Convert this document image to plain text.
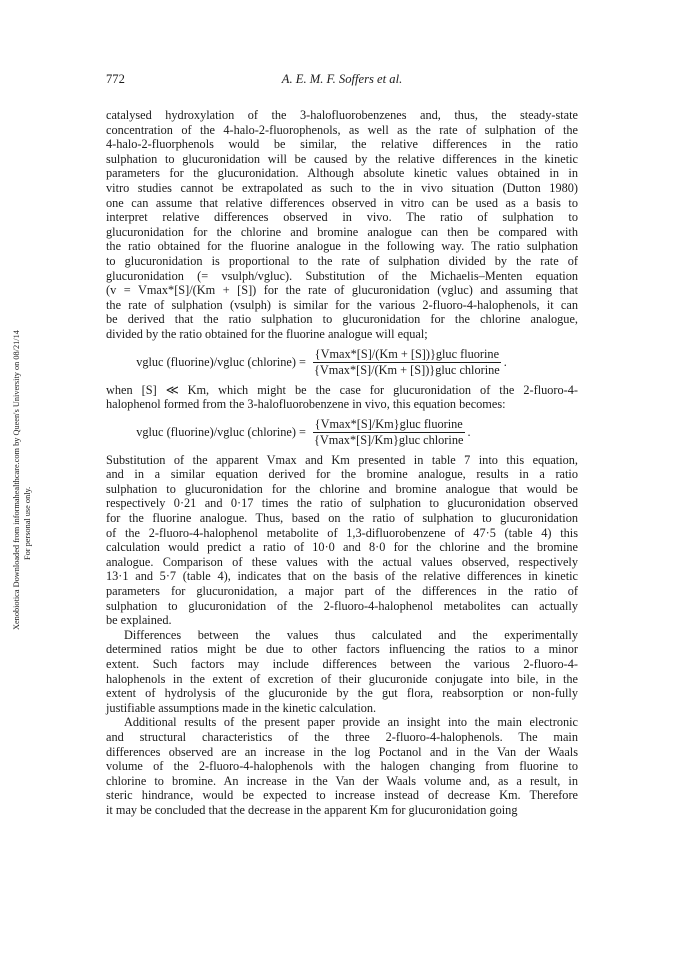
772	A. E. M. F. Soffers et al.
Xenobiotica Downloaded from informahealthcare.com by Queen's University on 08/21/14 For personal use only.
catalysed hydroxylation of the 3-halofluorobenzenes and, thus, the steady-state
concentration of the 4-halo-2-fluorophenols, as well as the rate of sulphation of the
4-halo-2-fluorphenols would be similar, the relative differences in the ratio
sulphation to glucuronidation will be caused by the relative differences in the kinetic
parameters for the glucuronidation. Although absolute kinetic values obtained in in
vitro studies cannot be extrapolated as such to the in vivo situation (Dutton 1980)
one can assume that relative differences observed in vitro can be used as a basis to
interpret relative differences observed in vivo. The ratio of sulphation to
glucuronidation for the chlorine and bromine analogue can then be compared with
the ratio obtained for the fluorine analogue in the following way. The ratio sulphation
to glucuronidation is proportional to the rate of sulphation divided by the rate of
glucuronidation (= vsulph/vgluc). Substitution of the Michaelis–Menten equation
(v = Vmax*[S]/(Km + [S]) for the rate of glucuronidation (vgluc) and assuming that
the rate of sulphation (vsulph) is similar for the various 2-fluoro-4-halophenols, it can
be derived that the ratio sulphation to glucuronidation for the chlorine analogue,
divided by the ratio obtained for the fluorine analogue will equal;
vgluc (fluorine)/vgluc (chlorine) = $\frac{\text{\{Vmax*[S]/(Km + [S])\}gluc fluorine}}{\text{\{Vmax*[S]/(Km + [S])\}gluc chlorine}}$ .
when [S] ≪ Km, which might be the case for glucuronidation of the 2-fluoro-4-
halophenol formed from the 3-halofluorobenzene in vivo, this equation becomes:
vgluc (fluorine)/vgluc (chlorine) = $\frac{\text{\{Vmax*[S]/Km\}gluc fluorine}}{\text{\{Vmax*[S]/Km\}gluc chlorine}}$ .
Substitution of the apparent Vmax and Km presented in table 7 into this equation,
and in a similar equation derived for the bromine analogue, results in a ratio
sulphation to glucuronidation for the chlorine and bromine analogue that would be
respectively 0·21 and 0·17 times the ratio of sulphation to glucuronidation observed
for the fluorine analogue. Thus, based on the ratio of sulphation to glucuronidation
of the 2-fluoro-4-halophenol metabolite of 1,3-difluorobenzene of 47·5 (table 4) this
calculation would predict a ratio of 10·0 and 8·0 for the chlorine and the bromine
analogue. Comparison of these values with the actual values observed, respectively
13·1 and 5·7 (table 4), indicates that on the basis of the relative differences in kinetic
parameters for glucuronidation, a major part of the differences in the ratio of
sulphation to glucuronidation of the 2-fluoro-4-halophenol metabolites can actually
be explained.
Differences between the values thus calculated and the experimentally
determined ratios might be due to other factors influencing the ratios to a minor
extent. Such factors may include differences between the various 2-fluoro-4-
halophenols in the extent of excretion of their glucuronide conjugate into bile, in the
extent of hydrolysis of the glucuronide by the gut flora, reabsorption or non-fully
justifiable assumptions made in the kinetic calculation.
Additional results of the present paper provide an insight into the main electronic
and structural characteristics of the three 2-fluoro-4-halophenols. The main
differences observed are an increase in the log Poctanol and in the Van der Waals
volume of the 2-fluoro-4-halophenols with the halogen changing from fluorine to
chlorine to bromine. An increase in the Van der Waals volume and, as a result, in
steric hindrance, would be expected to increase instead of decrease Km. Therefore
it may be concluded that the decrease in the apparent Km for glucuronidation going
